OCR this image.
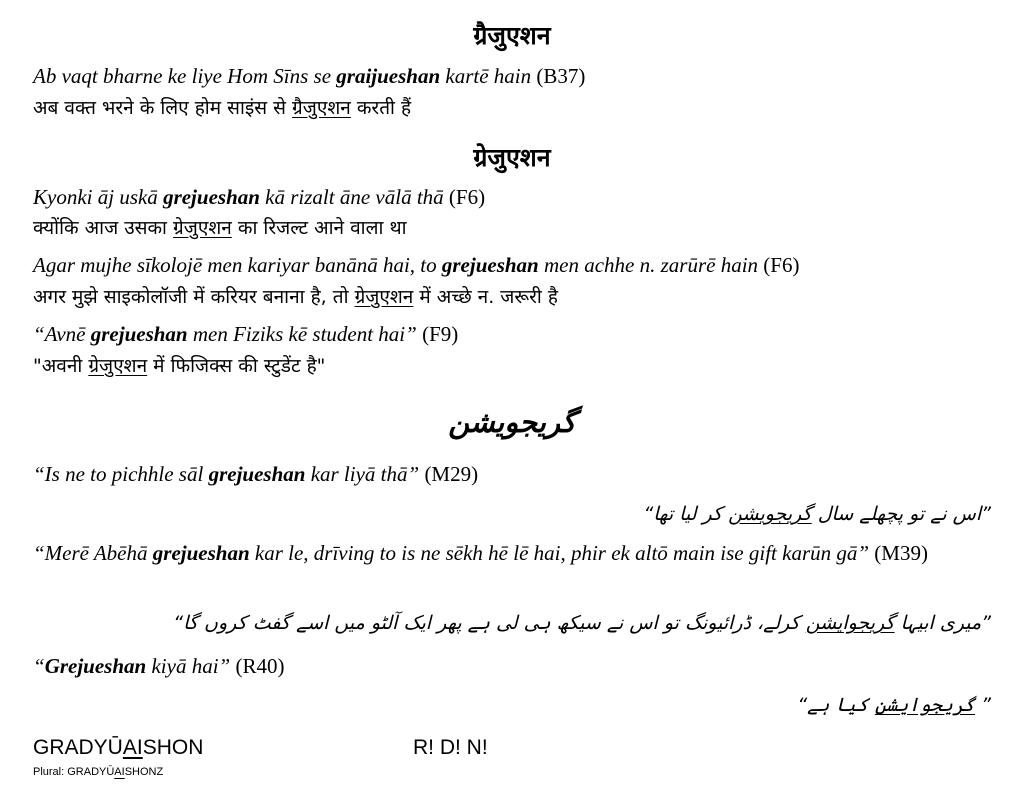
ग्रैजुएशन
Ab vaqt bharne ke liye Hom Sīns se graijueshan kartē hain (B37)
अब वक्त भरने के लिए होम साइंस से ग्रैजुएशन करती हैं
ग्रेजुएशन
Kyonki āj uskā grejueshan kā rizalt āne vālā thā (F6)
क्योंकि आज उसका ग्रेजुएशन का रिजल्ट आने वाला था
Agar mujhe sīkolojē men kariyar banānā hai, to grejueshan men achhe n. zarūrē hain (F6)
अगर मुझे साइकोलॉजी में करियर बनाना है, तो ग्रेजुएशन में अच्छे न. जरूरी है
“Avnē grejueshan men Fiziks kē student hai” (F9)
"अवनी ग्रेजुएशन में फिजिक्स की स्टुडेंट है"
گریجویشن
“Is ne to pichhle sāl grejueshan kar liyā thā” (M29)
”اس نے تو پچھلے سال گریجویشن کر لیا تھا“
“Merē Abēhā grejueshan kar le, drīving to is ne sēkh hē lē hai, phir ek altō main ise gift karūn gā” (M39)
”میری ابیہا گریجوایشن کرلے، ڈرائیونگ تو اس نے سیکھ ہی لی ہے پھر ایک آلٹو میں اسے گفٹ کروں گا“
“Grejueshan kiyā hai” (R40)
” گریجوایشن کیا ہے“
GRADYŪAISHON	R! D! N!
Plural: GRADYŪAISHONZ
